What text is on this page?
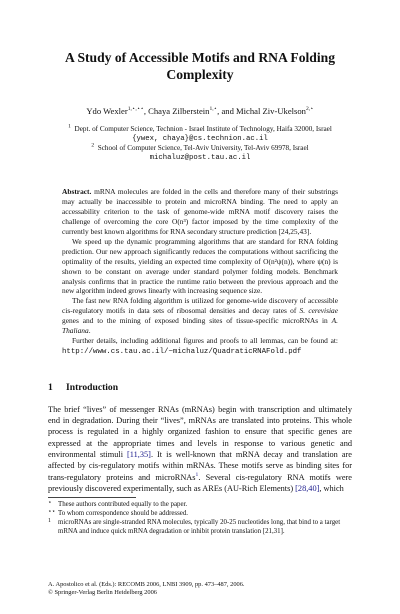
A Study of Accessible Motifs and RNA Folding Complexity
Ydo Wexler$^{1,⋆,⋆⋆}$, Chaya Zilberstein$^{1,⋆}$, and Michal Ziv-Ukelson$^{2,⋆}$
$^1$ Dept. of Computer Science, Technion - Israel Institute of Technology, Haifa 32000, Israel
{ywex, chaya}@cs.technion.ac.il
$^2$ School of Computer Science, Tel-Aviv University, Tel-Aviv 69978, Israel
michaluz@post.tau.ac.il

Abstract. mRNA molecules are folded in the cells and therefore many of their substrings may actually be inaccessible to protein and microRNA binding. The need to apply an accessability criterion to the task of genome-wide mRNA motif discovery raises the challenge of overcoming the core O(n³) factor imposed by the time complexity of the currently best known algorithms for RNA secondary structure prediction [24,25,43].

We speed up the dynamic programming algorithms that are standard for RNA folding prediction. Our new approach significantly reduces the computations without sacrificing the optimality of the results, yielding an expected time complexity of O(n²ψ(n)), where ψ(n) is shown to be constant on average under standard polymer folding models. Benchmark analysis confirms that in practice the runtime ratio between the previous approach and the new algorithm indeed grows linearly with increasing sequence size.

The fast new RNA folding algorithm is utilized for genome-wide discovery of accessible cis-regulatory motifs in data sets of ribosomal densities and decay rates of S. cerevisiae genes and to the mining of exposed binding sites of tissue-specific microRNAs in A. Thaliana.

Further details, including additional figures and proofs to all lemmas, can be found at: http://www.cs.tau.ac.il/~michaluz/QuadraticRNAFold.pdf

1 Introduction
The brief “lives” of messenger RNAs (mRNAs) begin with transcription and ultimately end in degradation. During their “lives”, mRNAs are translated into proteins. This whole process is regulated in a highly organized fashion to ensure that specific genes are expressed at the appropriate times and levels in response to various genetic and environmental stimuli [11,35]. It is well-known that mRNA decay and translation are affected by cis-regulatory motifs within mRNAs. These motifs serve as binding sites for trans-regulatory proteins and microRNAs$^1$. Several cis-regulatory RNA motifs were previously discovered experimentally, such as AREs (AU-Rich Elements) [28,40], which
⋆ These authors contributed equally to the paper.
⋆⋆ To whom correspondence should be addressed.
1 microRNAs are single-stranded RNA molecules, typically 20-25 nucleotides long, that bind to a target mRNA and induce quick mRNA degradation or inhibit protein translation [21,31].
A. Apostolico et al. (Eds.): RECOMB 2006, LNBI 3909, pp. 473–487, 2006.
© Springer-Verlag Berlin Heidelberg 2006
